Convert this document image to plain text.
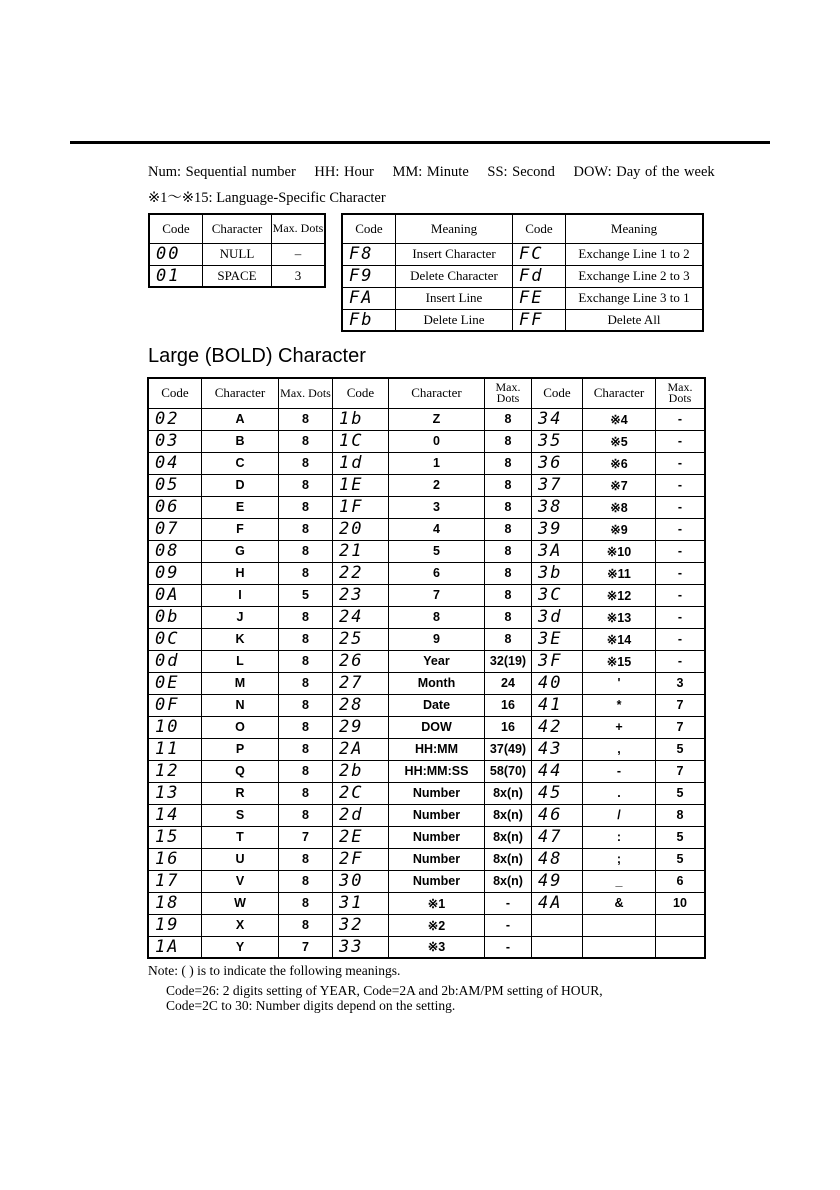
Num: Sequential number HH: Hour MM: Minute SS: Second DOW: Day of the week
※1～※15: Language-Specific Character
Code	Character	Max. Dots
00	NULL	–
01	SPACE	3
Code	Meaning	Code	Meaning
F8	Insert Character	FC	Exchange Line 1 to 2
F9	Delete Character	Fd	Exchange Line 2 to 3
FA	Insert Line	FE	Exchange Line 3 to 1
Fb	Delete Line	FF	Delete All
Large (BOLD) Character
Code	Character	Max. Dots	Code	Character	Max. Dots	Code	Character	Max. Dots
02	A	8	1b	Z	8	34	※4	-
03	B	8	1C	0	8	35	※5	-
04	C	8	1d	1	8	36	※6	-
05	D	8	1E	2	8	37	※7	-
06	E	8	1F	3	8	38	※8	-
07	F	8	20	4	8	39	※9	-
08	G	8	21	5	8	3A	※10	-
09	H	8	22	6	8	3b	※11	-
0A	I	5	23	7	8	3C	※12	-
0b	J	8	24	8	8	3d	※13	-
0C	K	8	25	9	8	3E	※14	-
0d	L	8	26	Year	32(19)	3F	※15	-
0E	M	8	27	Month	24	40	'	3
0F	N	8	28	Date	16	41	*	7
10	O	8	29	DOW	16	42	+	7
11	P	8	2A	HH:MM	37(49)	43	,	5
12	Q	8	2b	HH:MM:SS	58(70)	44	-	7
13	R	8	2C	Number	8x(n)	45	.	5
14	S	8	2d	Number	8x(n)	46	/	8
15	T	7	2E	Number	8x(n)	47	:	5
16	U	8	2F	Number	8x(n)	48	;	5
17	V	8	30	Number	8x(n)	49	_	6
18	W	8	31	※1	-	4A	&	10
19	X	8	32	※2	-			
1A	Y	7	33	※3	-			
Note: ( ) is to indicate the following meanings.
Code=26: 2 digits setting of YEAR, Code=2A and 2b:AM/PM setting of HOUR,
Code=2C to 30: Number digits depend on the setting.
